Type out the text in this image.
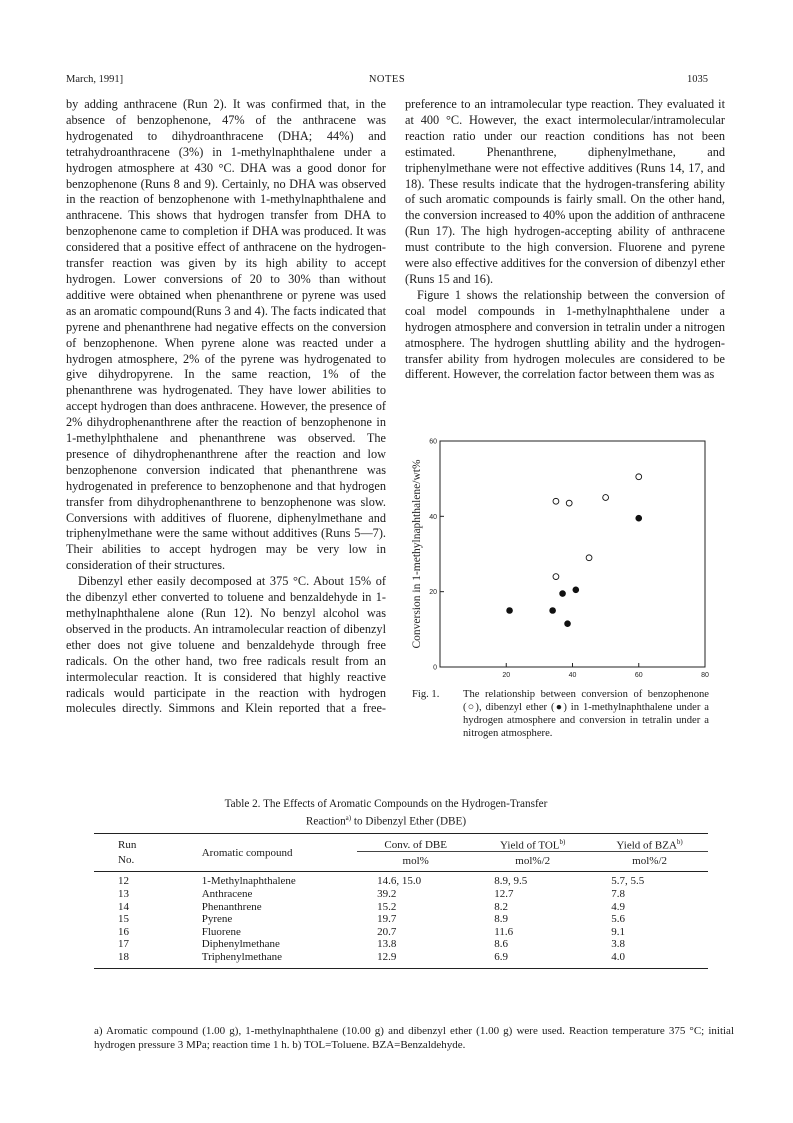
March, 1991]	NOTES	1035

by adding anthracene (Run 2). It was confirmed that, in the absence of benzophenone, 47% of the anthracene was hydrogenated to dihydroanthracene (DHA; 44%) and tetrahydroanthracene (3%) in 1-methylnaphthalene under a hydrogen atmosphere at 430 °C. DHA was a good donor for benzophenone (Runs 8 and 9). Certainly, no DHA was observed in the reaction of benzophenone with 1-methylnaphthalene and anthracene. This shows that hydrogen transfer from DHA to benzophenone came to completion if DHA was produced. It was considered that a positive effect of anthracene on the hydrogen-transfer reaction was given by its high ability to accept hydrogen. Lower conversions of 20 to 30% than without additive were obtained when phenanthrene or pyrene was used as an aromatic compound(Runs 3 and 4). The facts indicated that pyrene and phenanthrene had negative effects on the conversion of benzophenone. When pyrene alone was reacted under a hydrogen atmosphere, 2% of the pyrene was hydrogenated to give dihydropyrene. In the same reaction, 1% of the phenanthrene was hydrogenated. They have lower abilities to accept hydrogen than does anthracene. However, the presence of 2% dihydrophenanthrene after the reaction of benzophenone in 1-methylphthalene and phenanthrene was observed. The presence of dihydrophenanthrene after the reaction and low benzophenone conversion indicated that phenanthrene was hydrogenated in preference to benzophenone and that hydrogen transfer from dihydrophenanthrene to benzophenone was slow. Conversions with additives of fluorene, diphenylmethane and triphenylmethane were the same without additives (Runs 5—7). Their abilities to accept hydrogen may be very low in consideration of their structures.

Dibenzyl ether easily decomposed at 375 °C. About 15% of the dibenzyl ether converted to toluene and benzaldehyde in 1-methylnaphthalene alone (Run 12). No benzyl alcohol was observed in the products. An intramolecular reaction of dibenzyl ether does not give toluene and benzaldehyde through free radicals. On the other hand, two free radicals result from an intermolecular reaction. It is considered that highly reactive radicals would participate in the reaction with hydrogen molecules directly. Simmons and Klein reported that a free-

preference to an intramolecular type reaction. They evaluated it at 400 °C. However, the exact intermolecular/intramolecular reaction ratio under our reaction conditions has not been estimated. Phenanthrene, diphenylmethane, and triphenylmethane were not effective additives (Runs 14, 17, and 18). These results indicate that the hydrogen-transfering ability of such aromatic compounds is fairly small. On the other hand, the conversion increased to 40% upon the addition of anthracene (Run 17). The high hydrogen-accepting ability of anthracene must contribute to the high conversion. Fluorene and pyrene were also effective additives for the conversion of dibenzyl ether (Runs 15 and 16).

Figure 1 shows the relationship between the conversion of coal model compounds in 1-methylnaphthalene under a hydrogen atmosphere and conversion in tetralin under a nitrogen atmosphere. The hydrogen shuttling ability and the hydrogen-transfer ability from hydrogen molecules are considered to be different. However, the correlation factor between them was as

20	40	60	80
0
20
40
60
Conversion in 1-methylnaphthalene/wt%
Fig. 1. The relationship between conversion of benzophenone (○), dibenzyl ether (●) in 1-methylnaphthalene under a hydrogen atmosphere and conversion in tetralin under a nitrogen atmosphere.
Table 2. The Effects of Aromatic Compounds on the Hydrogen-Transfer
Reaction$^{a)}$ to Dibenzyl Ether (DBE)
Run	Aromatic compound	Conv. of DBE	Yield of TOL$^{b)}$	Yield of BZA$^{b)}$
No.		mol%	mol%/2	mol%/2
12	1-Methylnaphthalene	14.6, 15.0	8.9, 9.5	5.7, 5.5
13	Anthracene	39.2	12.7	7.8
14	Phenanthrene	15.2	8.2	4.9
15	Pyrene	19.7	8.9	5.6
16	Fluorene	20.7	11.6	9.1
17	Diphenylmethane	13.8	8.6	3.8
18	Triphenylmethane	12.9	6.9	4.0
a) Aromatic compound (1.00 g), 1-methylnaphthalene (10.00 g) and dibenzyl ether (1.00 g) were used. Reaction temperature 375 °C; initial hydrogen pressure 3 MPa; reaction time 1 h. b) TOL=Toluene. BZA=Benzaldehyde.
